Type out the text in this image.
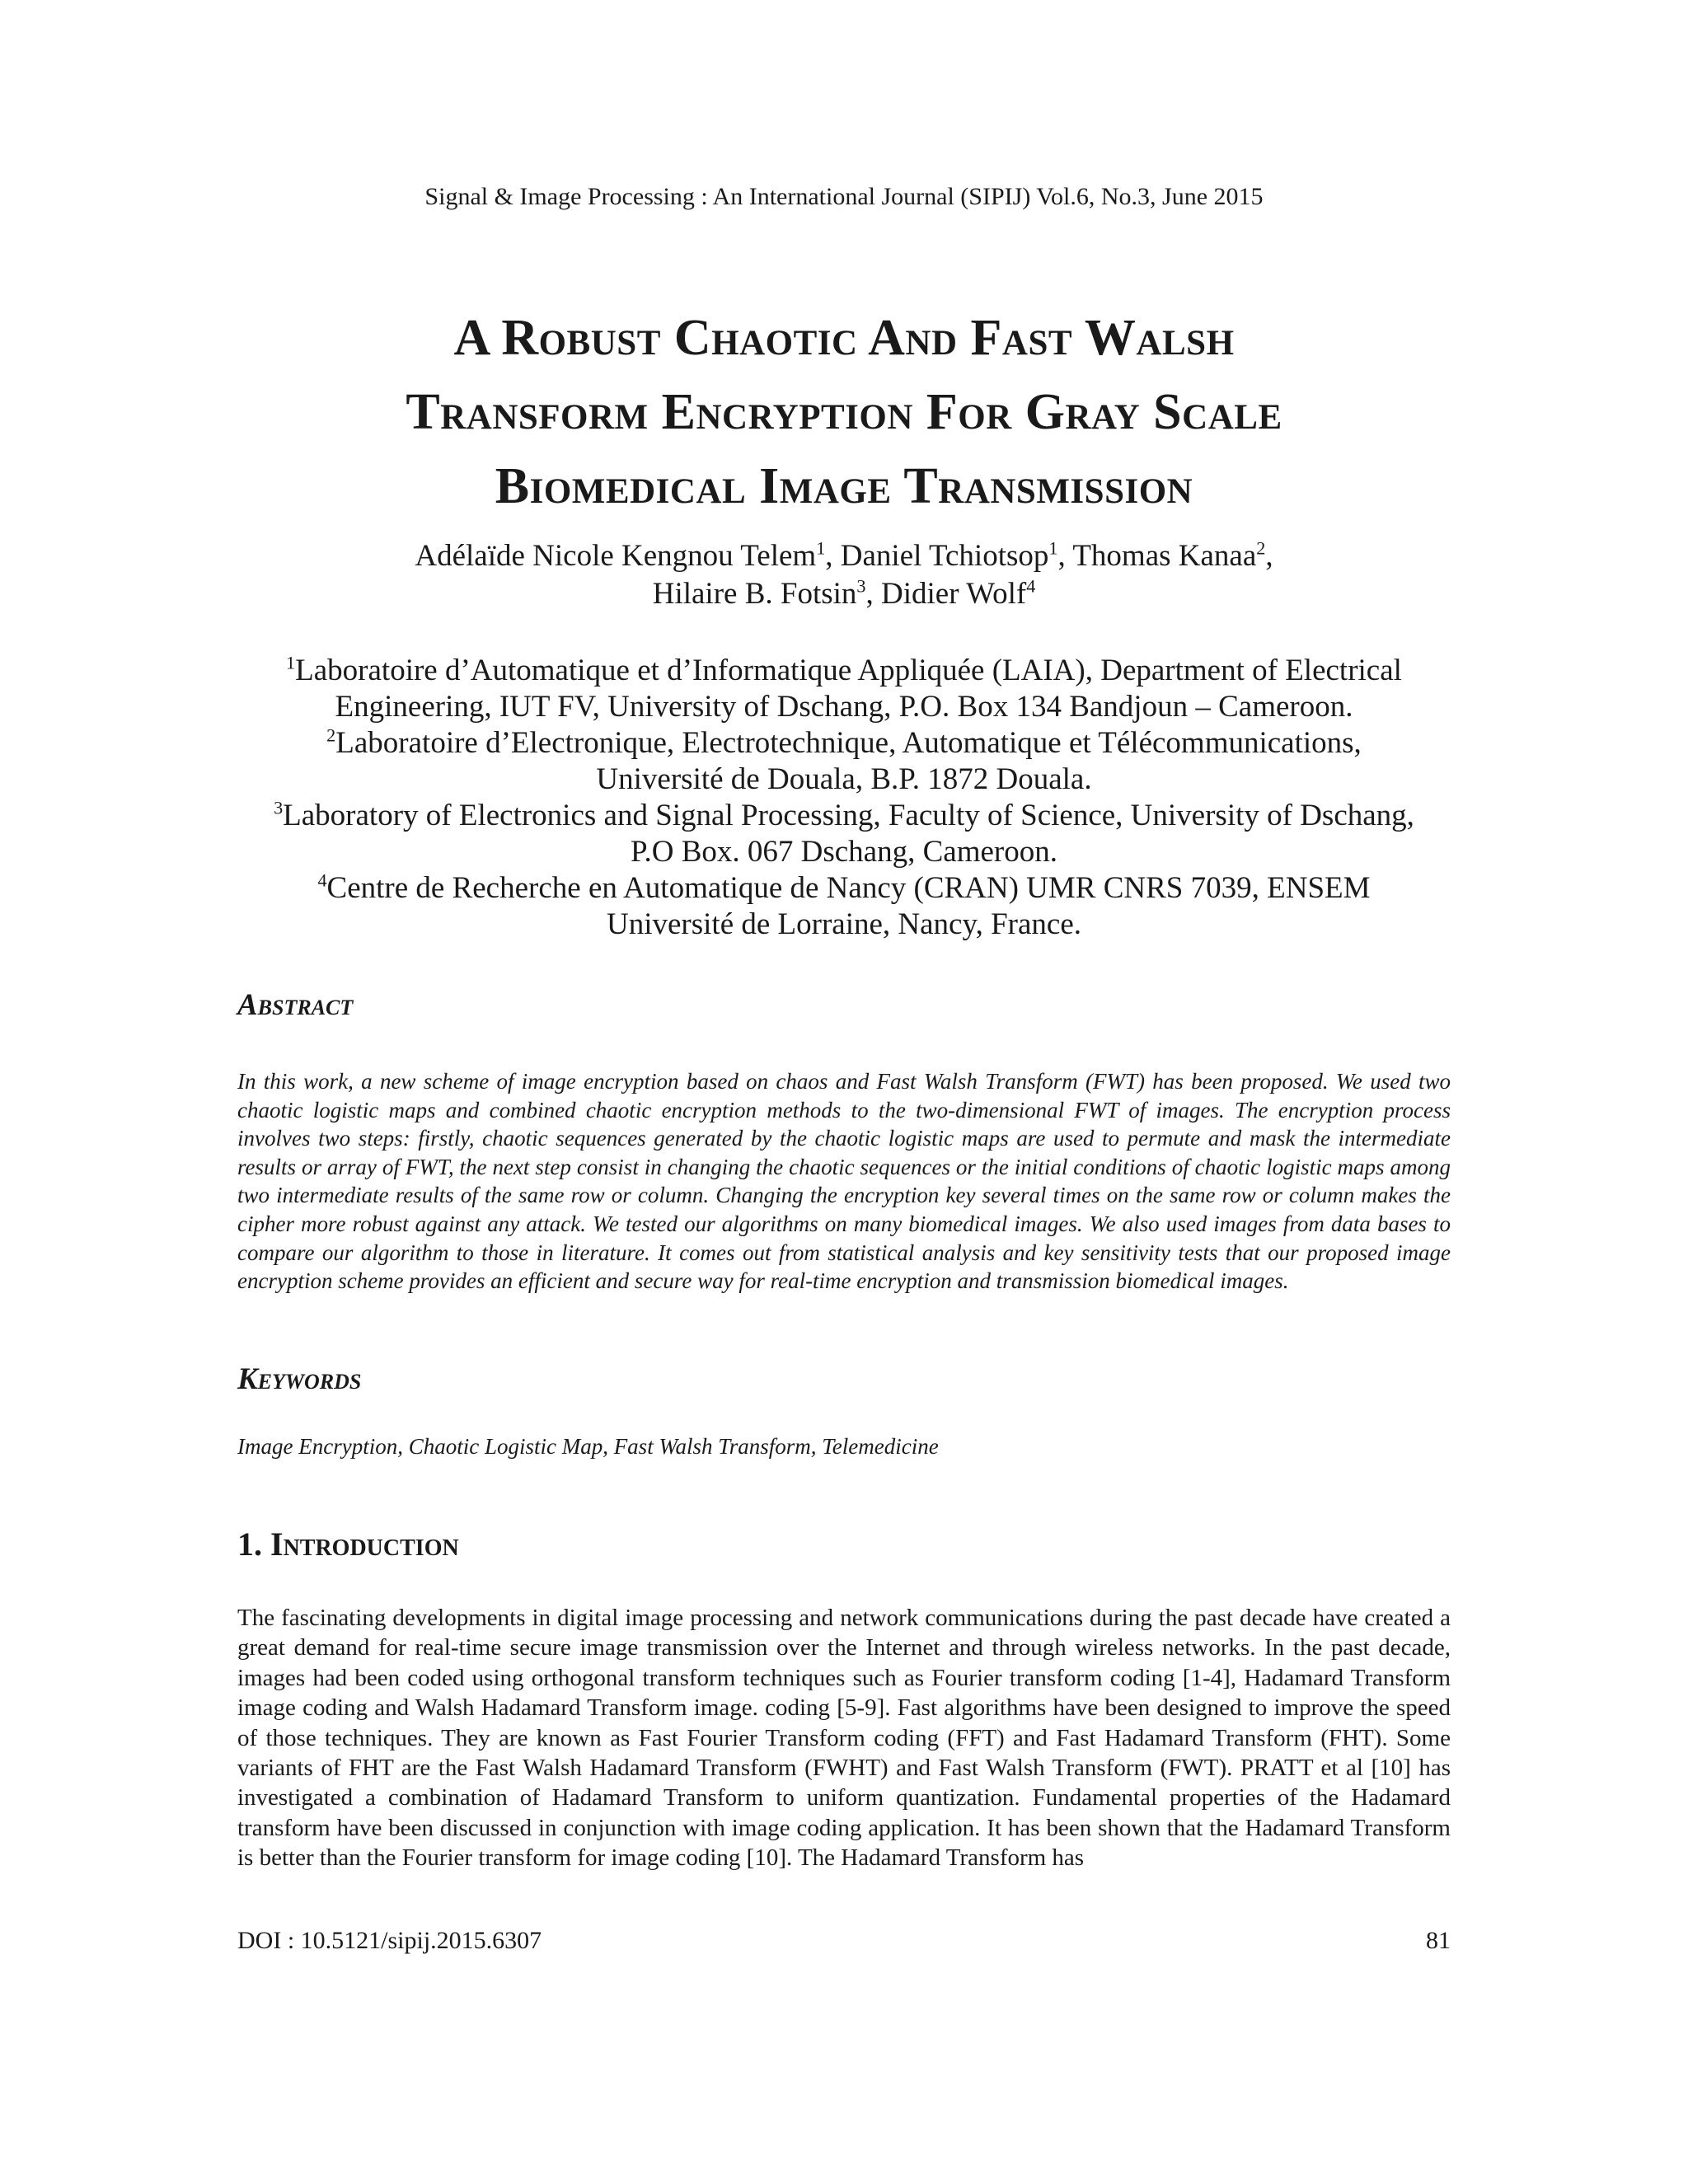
Signal & Image Processing : An International Journal (SIPIJ) Vol.6, No.3, June 2015
A Robust Chaotic And Fast Walsh
Transform Encryption For Gray Scale
Biomedical Image Transmission
Adélaïde Nicole Kengnou Telem$^1$, Daniel Tchiotsop$^1$, Thomas Kanaa$^2$,
Hilaire B. Fotsin$^3$, Didier Wolf$^4$
$^1$Laboratoire d’Automatique et d’Informatique Appliquée (LAIA), Department of Electrical
Engineering, IUT FV, University of Dschang, P.O. Box 134 Bandjoun – Cameroon.
$^2$Laboratoire d’Electronique, Electrotechnique, Automatique et Télécommunications,
Université de Douala, B.P. 1872 Douala.
$^3$Laboratory of Electronics and Signal Processing, Faculty of Science, University of Dschang,
P.O Box. 067 Dschang, Cameroon.
$^4$Centre de Recherche en Automatique de Nancy (CRAN) UMR CNRS 7039, ENSEM
Université de Lorraine, Nancy, France.
Abstract
In this work, a new scheme of image encryption based on chaos and Fast Walsh Transform (FWT) has been proposed. We used two chaotic logistic maps and combined chaotic encryption methods to the two-dimensional FWT of images. The encryption process involves two steps: firstly, chaotic sequences generated by the chaotic logistic maps are used to permute and mask the intermediate results or array of FWT, the next step consist in changing the chaotic sequences or the initial conditions of chaotic logistic maps among two intermediate results of the same row or column. Changing the encryption key several times on the same row or column makes the cipher more robust against any attack. We tested our algorithms on many biomedical images. We also used images from data bases to compare our algorithm to those in literature. It comes out from statistical analysis and key sensitivity tests that our proposed image encryption scheme provides an efficient and secure way for real-time encryption and transmission biomedical images.
Keywords
Image Encryption, Chaotic Logistic Map, Fast Walsh Transform, Telemedicine
1. Introduction
The fascinating developments in digital image processing and network communications during the past decade have created a great demand for real-time secure image transmission over the Internet and through wireless networks. In the past decade, images had been coded using orthogonal transform techniques such as Fourier transform coding [1-4], Hadamard Transform image coding and Walsh Hadamard Transform image. coding [5-9]. Fast algorithms have been designed to improve the speed of those techniques. They are known as Fast Fourier Transform coding (FFT) and Fast Hadamard Transform (FHT). Some variants of FHT are the Fast Walsh Hadamard Transform (FWHT) and Fast Walsh Transform (FWT). PRATT et al [10] has investigated a combination of Hadamard Transform to uniform quantization. Fundamental properties of the Hadamard transform have been discussed in conjunction with image coding application. It has been shown that the Hadamard Transform is better than the Fourier transform for image coding [10]. The Hadamard Transform has
DOI : 10.5121/sipij.2015.6307	81
